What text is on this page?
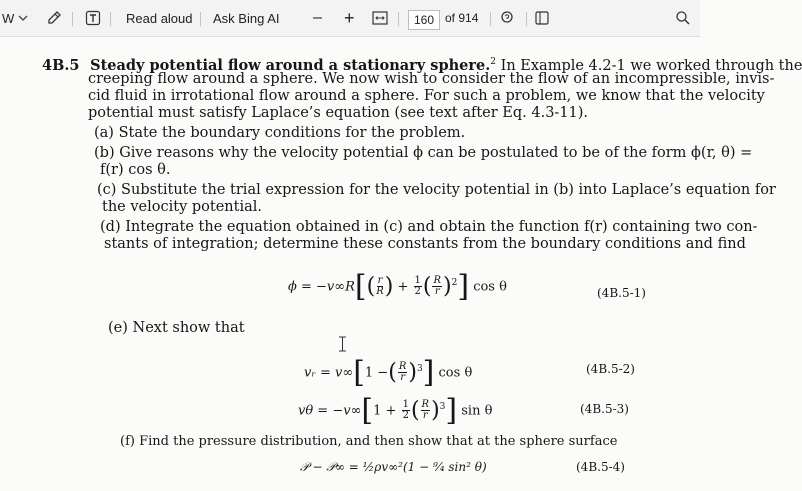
W	Read aloud Ask Bing AI – +	160 of 914
4B.5 Steady potential flow around a stationary sphere.$^2$ In Example 4.2-1 we worked through the
creeping flow around a sphere. We now wish to consider the flow of an incompressible, invis-
cid fluid in irrotational flow around a sphere. For such a problem, we know that the velocity
potential must satisfy Laplace’s equation (see text after Eq. 4.3-11).
(a) State the boundary conditions for the problem.
(b) Give reasons why the velocity potential ϕ can be postulated to be of the form ϕ(r, θ) =
f(r) cos θ.
(c) Substitute the trial expression for the velocity potential in (b) into Laplace’s equation for
the velocity potential.
(d) Integrate the equation obtained in (c) and obtain the function f(r) containing two con-
stants of integration; determine these constants from the boundary conditions and find
$\phi = -v\infty R[( \frac{r}{R}$ ) + $\frac{1}{2}$ ( $\frac{R}{r} )^2$] cos θ	(4B.5-1)
(e) Next show that
vᵣ = v∞[1 −( $\frac{R}{r} )^3$] cos θ	(4B.5-2)
$v\theta = -v\infty[1 + \frac{1}{2}$ ( $\frac{R}{r} )^3$] sin θ	(4B.5-3)
(f) Find the pressure distribution, and then show that at the sphere surface
𝒫 − 𝒫∞ = ½ρv∞²(1 − ⁹⁄₄ sin² θ)	(4B.5-4)
